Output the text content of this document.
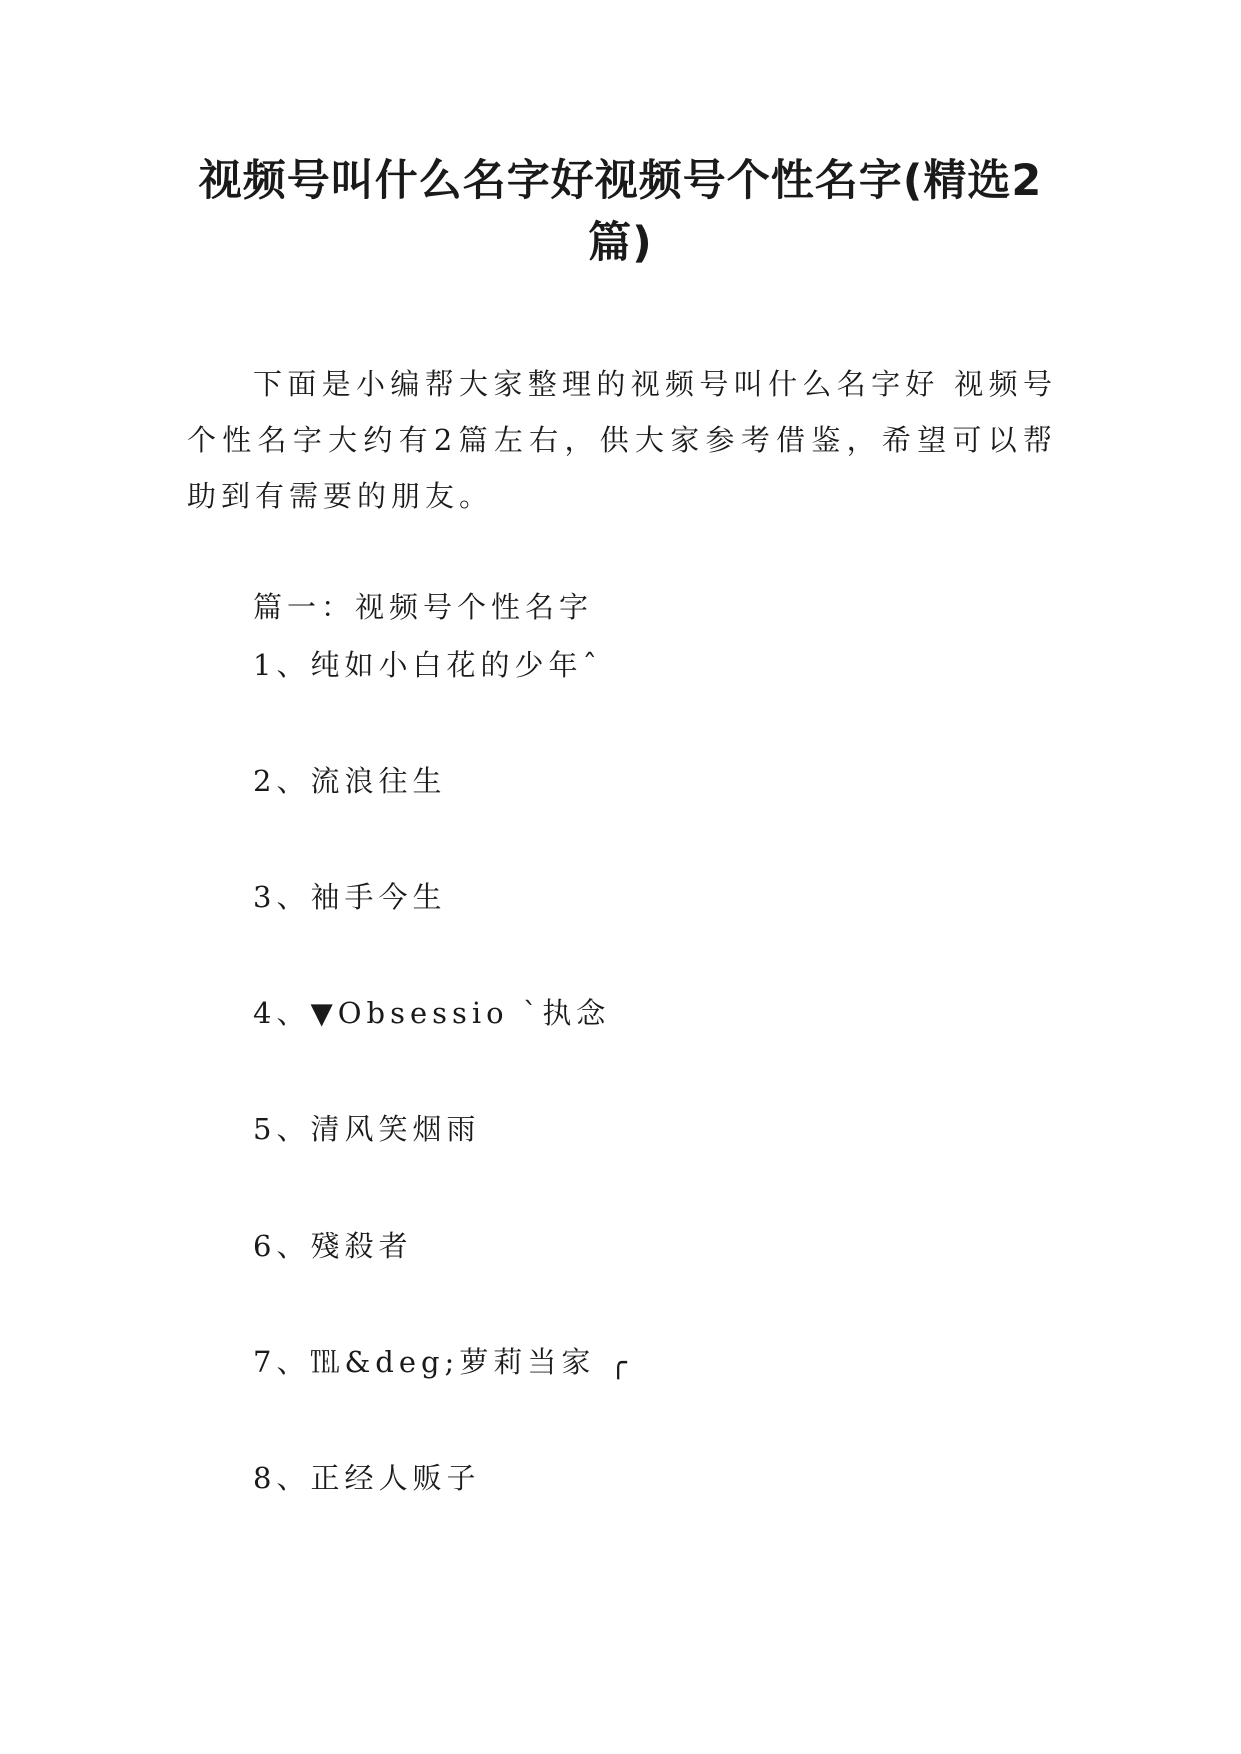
视频号叫什么名字好视频号个性名字(精选2篇)

下面是小编帮大家整理的视频号叫什么名字好 视频号个性名字大约有2篇左右，供大家参考借鉴，希望可以帮助到有需要的朋友。

篇一：视频号个性名字

1、纯如小白花的少年ˆ

2、流浪往生

3、袖手今生

4、▼Obsessio ˋ执念

5、清风笑烟雨

6、殘殺者

7、℡&deg;萝莉当家 ╭

8、正经人贩子
